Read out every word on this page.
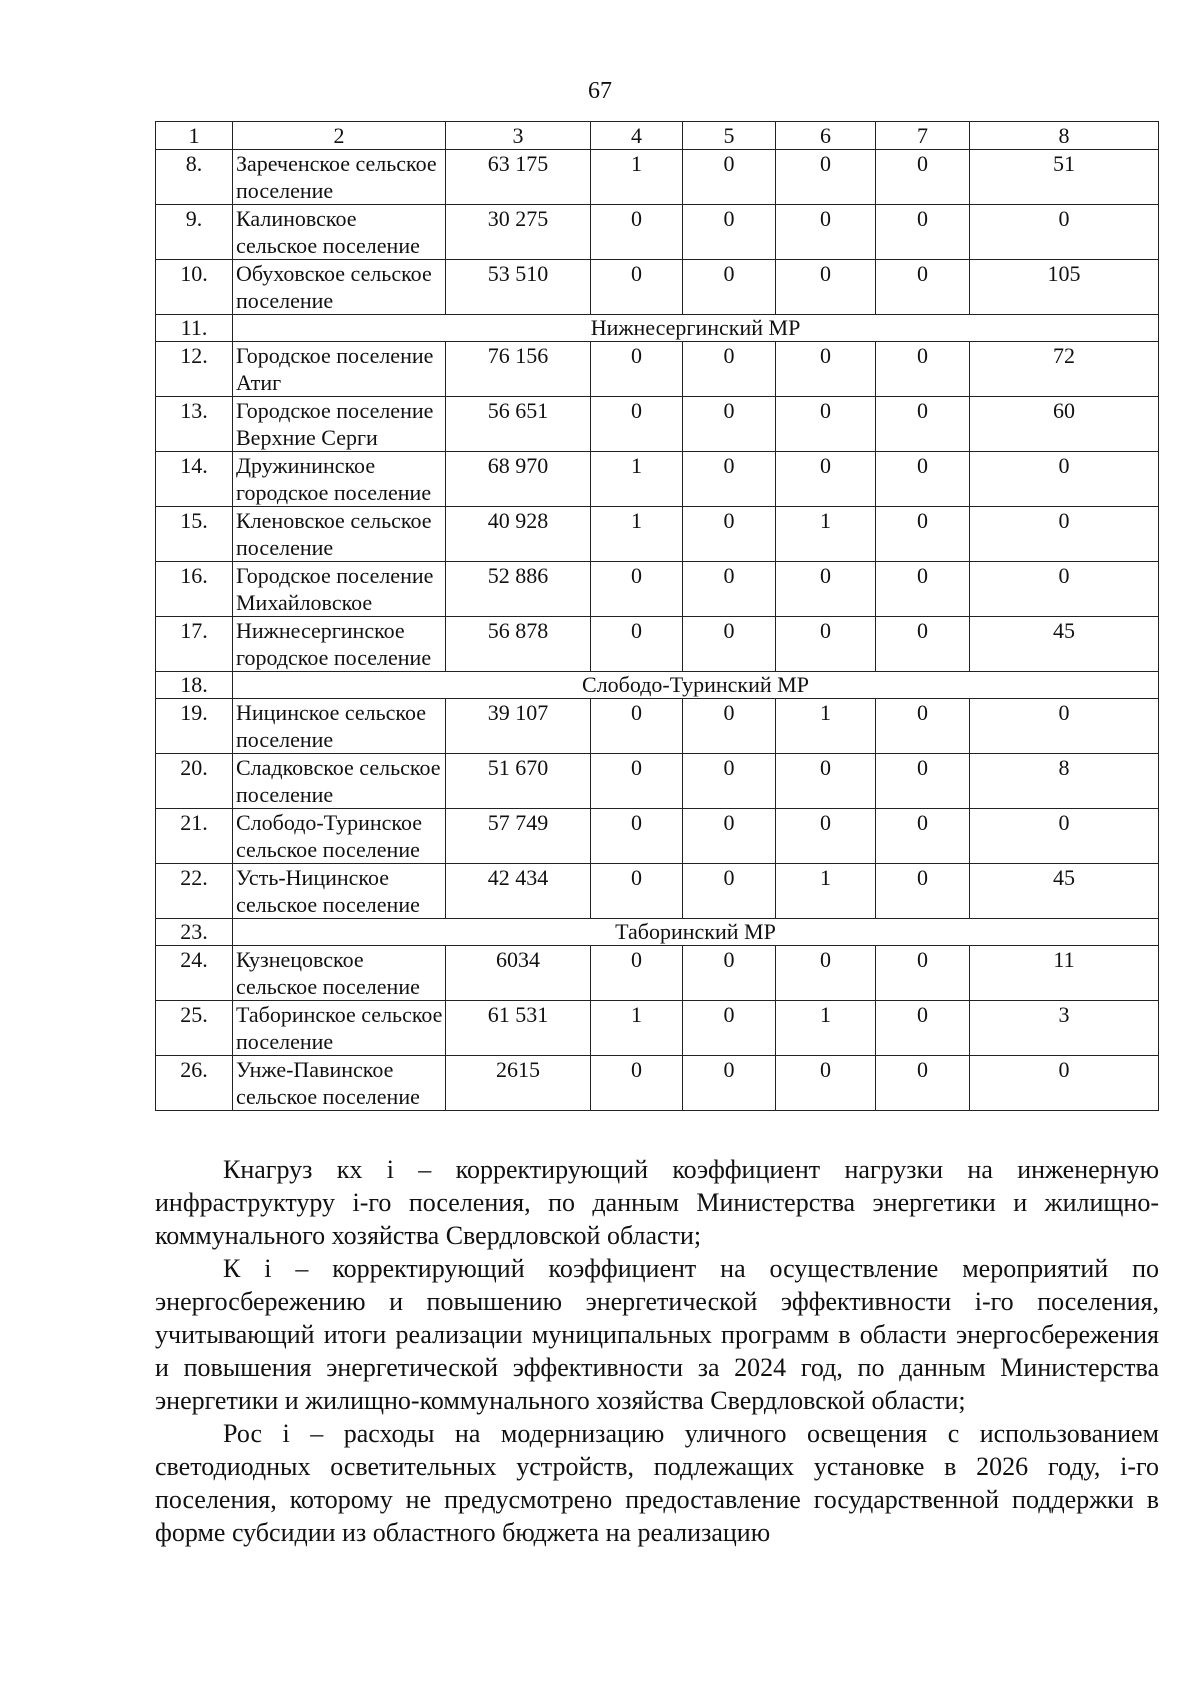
67
1	2	3	4	5	6	7	8
8.	Зареченское сельское поселение	63 175	1	0	0	0	51
9.	Калиновское сельское поселение	30 275	0	0	0	0	0
10.	Обуховское сельское поселение	53 510	0	0	0	0	105
11.	Нижнесергинский МР						
12.	Городское поселение Атиг	76 156	0	0	0	0	72
13.	Городское поселение Верхние Серги	56 651	0	0	0	0	60
14.	Дружининское городское поселение	68 970	1	0	0	0	0
15.	Кленовское сельское поселение	40 928	1	0	1	0	0
16.	Городское поселение Михайловское	52 886	0	0	0	0	0
17.	Нижнесергинское городское поселение	56 878	0	0	0	0	45
18.	Слободо-Туринский МР						
19.	Ницинское сельское поселение	39 107	0	0	1	0	0
20.	Сладковское сельское поселение	51 670	0	0	0	0	8
21.	Слободо-Туринское сельское поселение	57 749	0	0	0	0	0
22.	Усть-Ницинское сельское поселение	42 434	0	0	1	0	45
23.	Таборинский МР						
24.	Кузнецовское сельское поселение	6034	0	0	0	0	11
25.	Таборинское сельское поселение	61 531	1	0	1	0	3
26.	Унже-Павинское сельское поселение	2615	0	0	0	0	0

Кнагруз кх i – корректирующий коэффициент нагрузки на инженерную инфраструктуру i-го поселения, по данным Министерства энергетики и жилищно-коммунального хозяйства Свердловской области;

К i – корректирующий коэффициент на осуществление мероприятий по энергосбережению и повышению энергетической эффективности i-го поселения, учитывающий итоги реализации муниципальных программ в области энергосбережения и повышения энергетической эффективности за 2024 год, по данным Министерства энергетики и жилищно-коммунального хозяйства Свердловской области;

Рос i – расходы на модернизацию уличного освещения с использованием светодиодных осветительных устройств, подлежащих установке в 2026 году, i-го поселения, которому не предусмотрено предоставление государственной поддержки в форме субсидии из областного бюджета на реализацию
